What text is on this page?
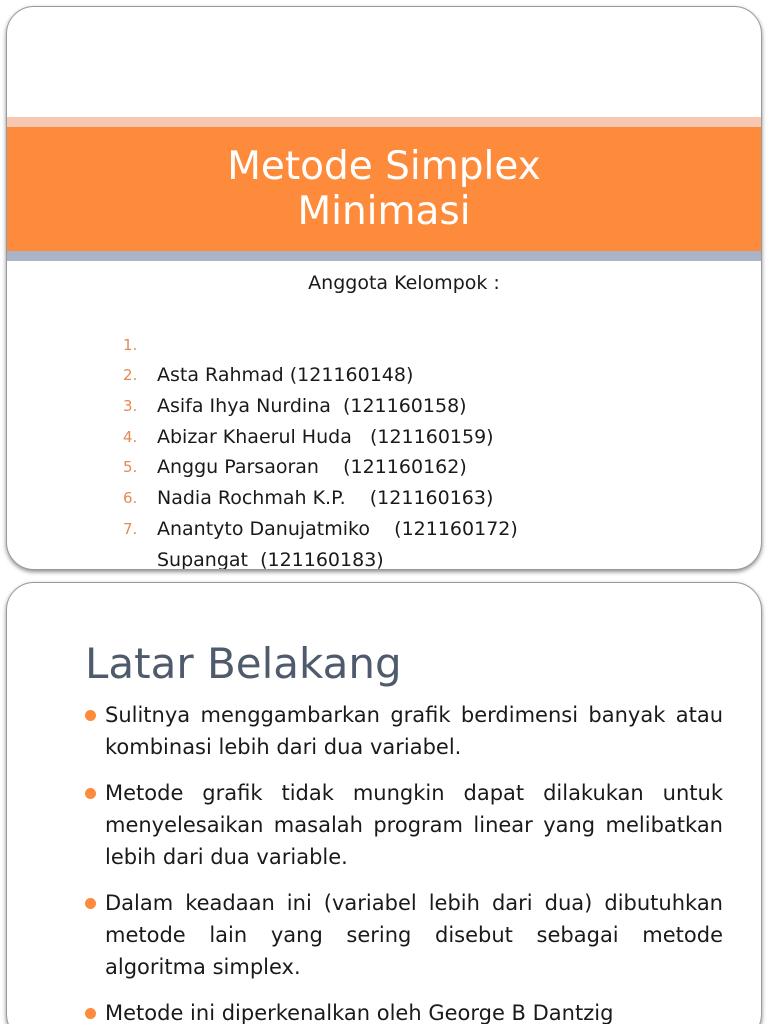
Metode Simplex
Minimasi
Anggota Kelompok :

1.

Asta Rahmad (121160148)

2.

Asifa Ihya Nurdina  (121160158)

3.

Abizar Khaerul Huda   (121160159)

4.

Anggu Parsaoran    (121160162)

5.

Nadia Rochmah K.P.    (121160163)

6.

Anantyto Danujatmiko    (121160172)

7.

Supangat  (121160183)

Latar Belakang
Sulitnya menggambarkan grafik berdimensi banyak atau kombinasi lebih dari dua variabel.
Metode grafik tidak mungkin dapat dilakukan untuk menyelesaikan masalah program linear yang melibatkan lebih dari dua variable.
Dalam keadaan ini (variabel lebih dari dua) dibutuhkan metode lain yang sering disebut sebagai metode algoritma simplex.
Metode ini diperkenalkan oleh George B Dantzig
